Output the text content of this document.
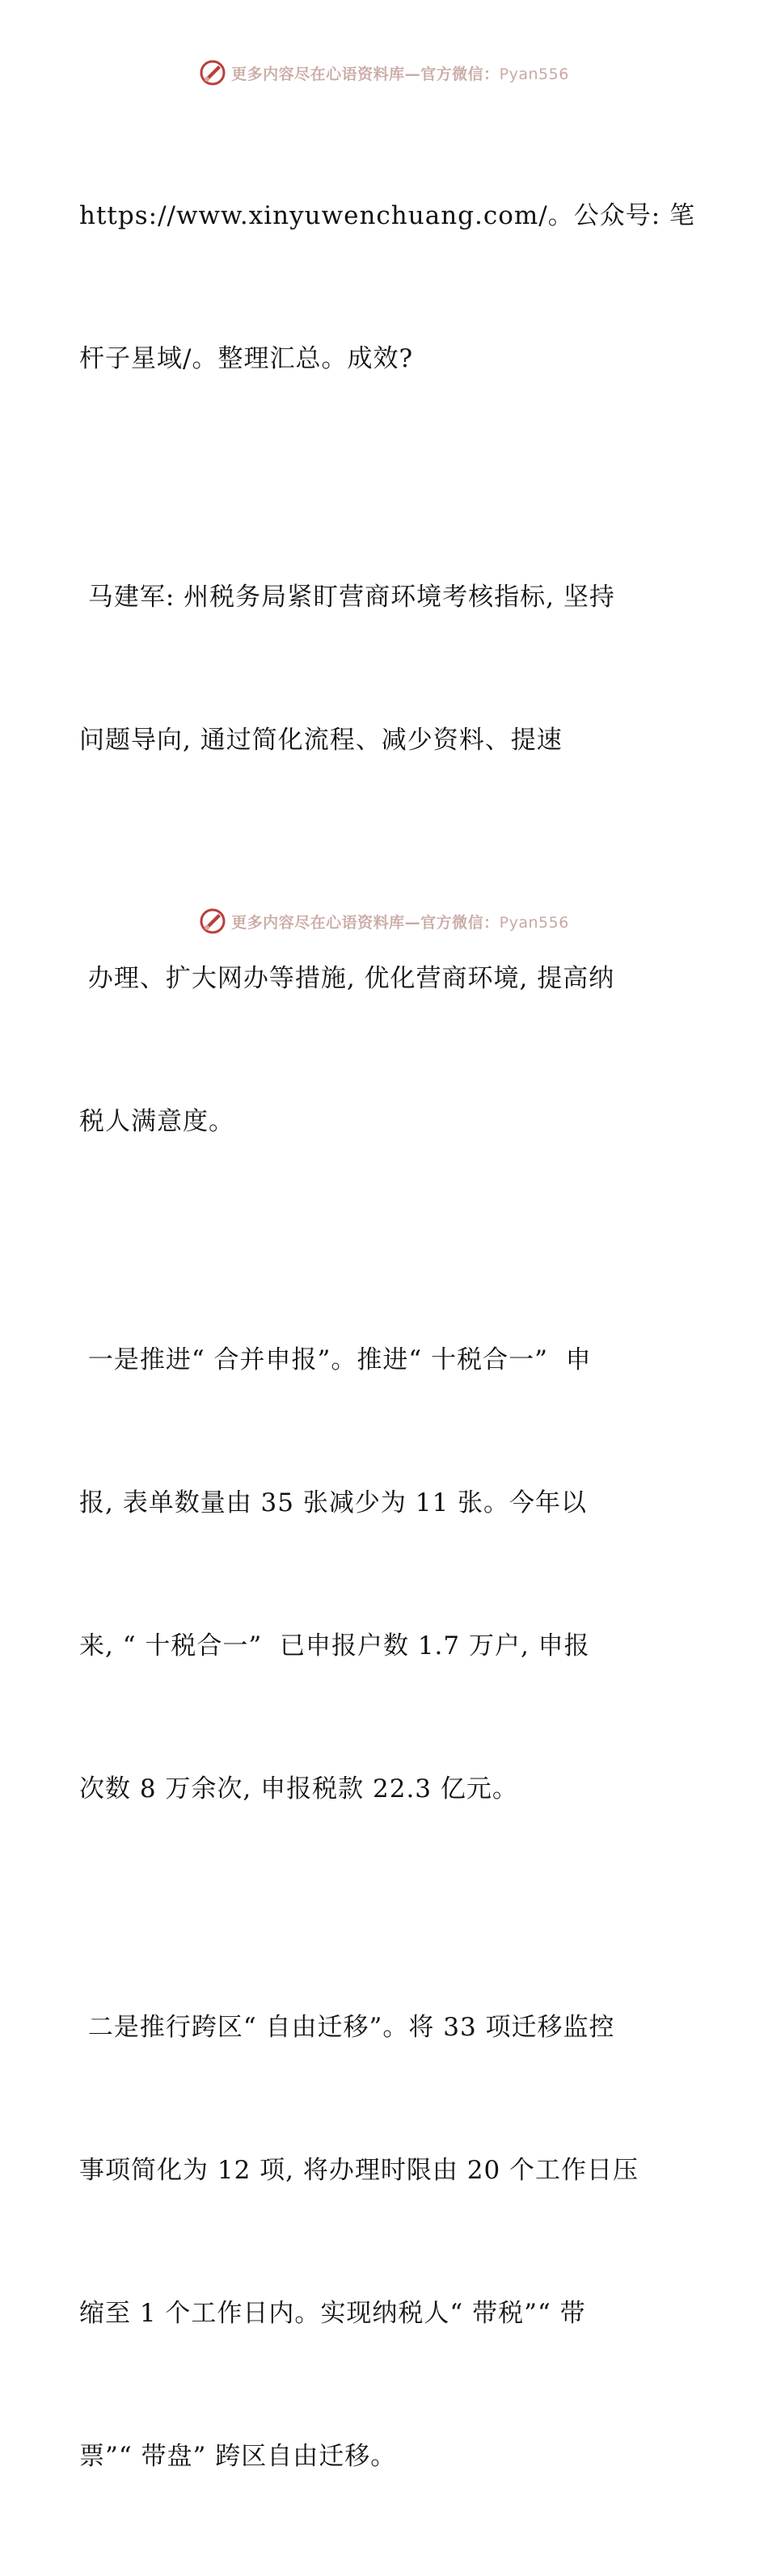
更多内容尽在心语资料库—官方微信：Pyan556

https://www.xinyuwenchuang.com/。公众号: 笔

杆子星域/。整理汇总。成效?

马建军: 州税务局紧盯营商环境考核指标, 坚持

问题导向, 通过简化流程、减少资料、提速

办理、扩大网办等措施, 优化营商环境, 提高纳

税人满意度。

一是推进“ 合并申报”。推进“ 十税合一”  申

报, 表单数量由 35 张减少为 11 张。今年以

来, “ 十税合一”  已申报户数 1.7 万户, 申报

次数 8 万余次, 申报税款 22.3 亿元。

二是推行跨区“ 自由迁移”。将 33 项迁移监控

事项简化为 12 项, 将办理时限由 20 个工作日压

缩至 1 个工作日内。实现纳税人“ 带税”“ 带

票”“ 带盘” 跨区自由迁移。

更多内容尽在心语资料库—官方微信：Pyan556
